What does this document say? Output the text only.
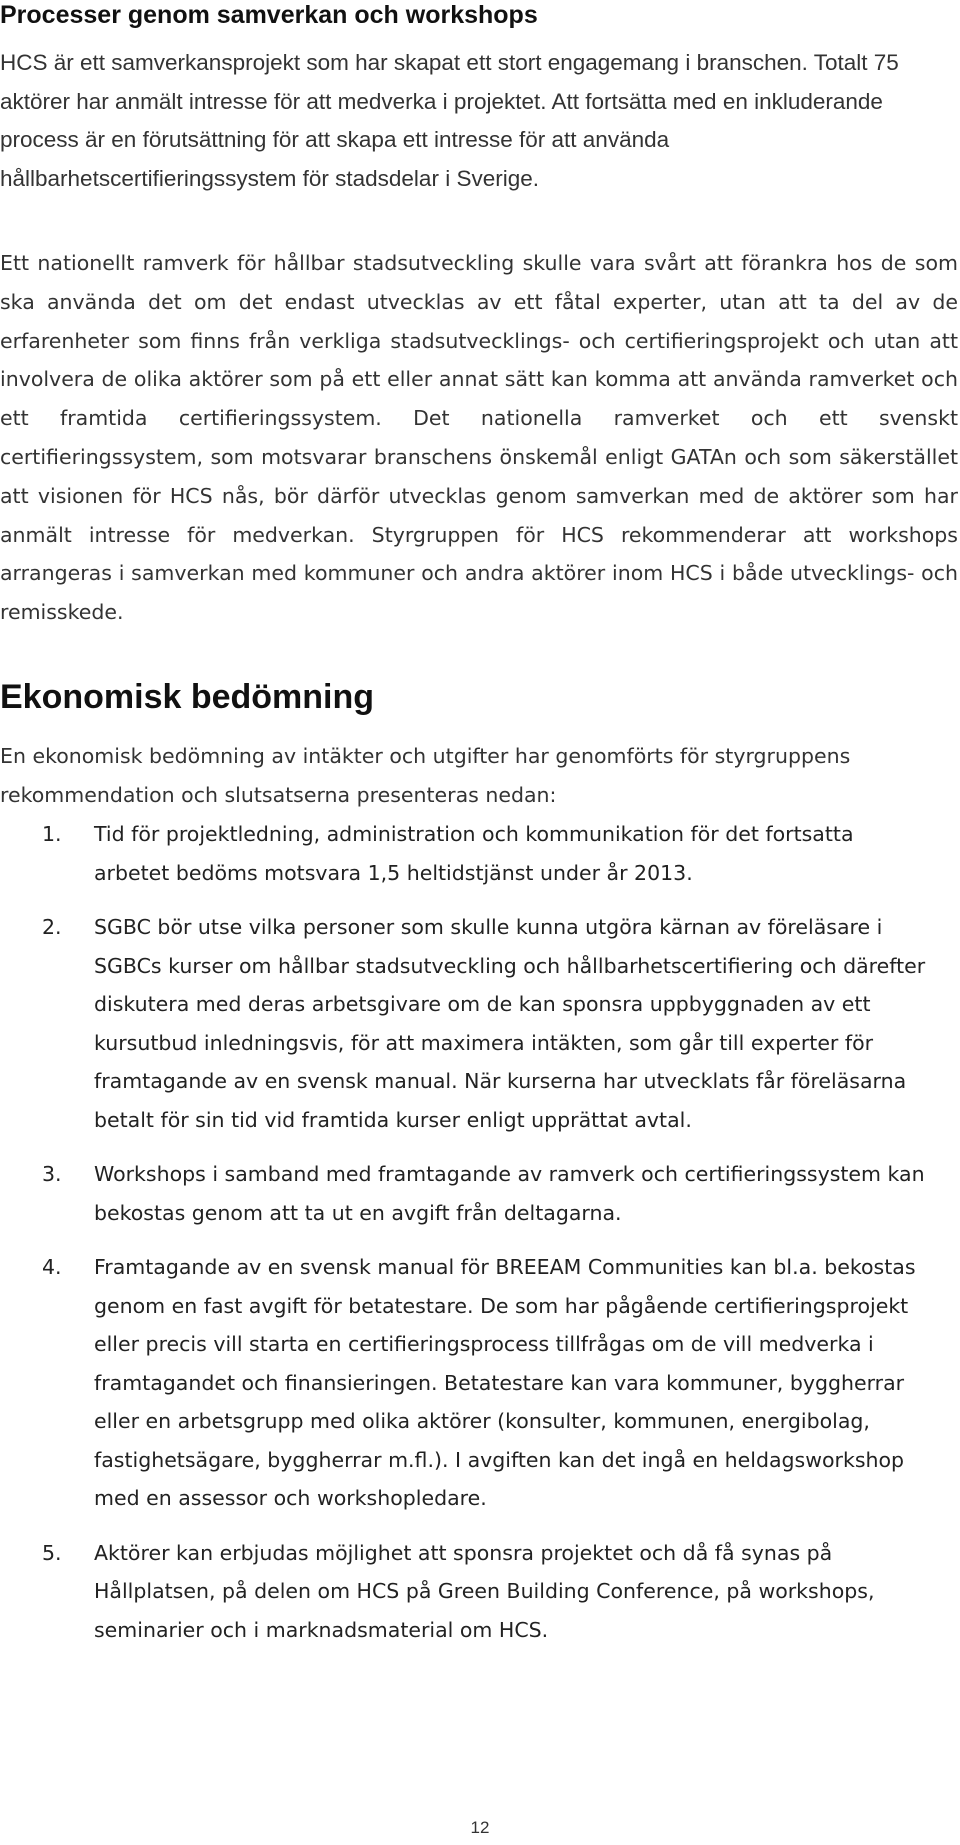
Processer genom samverkan och workshops

HCS är ett samverkansprojekt som har skapat ett stort engagemang i branschen. Totalt 75 aktörer har anmält intresse för att medverka i projektet. Att fortsätta med en inkluderande process är en förutsättning för att skapa ett intresse för att använda hållbarhetscertifieringssystem för stadsdelar i Sverige.

Ett nationellt ramverk för hållbar stadsutveckling skulle vara svårt att förankra hos de som ska använda det om det endast utvecklas av ett fåtal experter, utan att ta del av de erfarenheter som finns från verkliga stadsutvecklings- och certifieringsprojekt och utan att involvera de olika aktörer som på ett eller annat sätt kan komma att använda ramverket och ett framtida certifieringssystem. Det nationella ramverket och ett svenskt certifieringssystem, som motsvarar branschens önskemål enligt GATAn och som säkerstället att visionen för HCS nås, bör därför utvecklas genom samverkan med de aktörer som har anmält intresse för medverkan. Styrgruppen för HCS rekommenderar att workshops arrangeras i samverkan med kommuner och andra aktörer inom HCS i både utvecklings- och remisskede.

Ekonomisk bedömning

En ekonomisk bedömning av intäkter och utgifter har genomförts för styrgruppens rekommendation och slutsatserna presenteras nedan:

1. Tid för projektledning, administration och kommunikation för det fortsatta arbetet bedöms motsvara 1,5 heltidstjänst under år 2013.
2. SGBC bör utse vilka personer som skulle kunna utgöra kärnan av föreläsare i SGBCs kurser om hållbar stadsutveckling och hållbarhetscertifiering och därefter diskutera med deras arbetsgivare om de kan sponsra uppbyggnaden av ett kursutbud inledningsvis, för att maximera intäkten, som går till experter för framtagande av en svensk manual. När kurserna har utvecklats får föreläsarna betalt för sin tid vid framtida kurser enligt upprättat avtal.
3. Workshops i samband med framtagande av ramverk och certifieringssystem kan bekostas genom att ta ut en avgift från deltagarna.
4. Framtagande av en svensk manual för BREEAM Communities kan bl.a. bekostas genom en fast avgift för betatestare. De som har pågående certifieringsprojekt eller precis vill starta en certifieringsprocess tillfrågas om de vill medverka i framtagandet och finansieringen. Betatestare kan vara kommuner, byggherrar eller en arbetsgrupp med olika aktörer (konsulter, kommunen, energibolag, fastighetsägare, byggherrar m.fl.). I avgiften kan det ingå en heldagsworkshop med en assessor och workshopledare.
5. Aktörer kan erbjudas möjlighet att sponsra projektet och då få synas på Hållplatsen, på delen om HCS på Green Building Conference, på workshops, seminarier och i marknadsmaterial om HCS.
12
